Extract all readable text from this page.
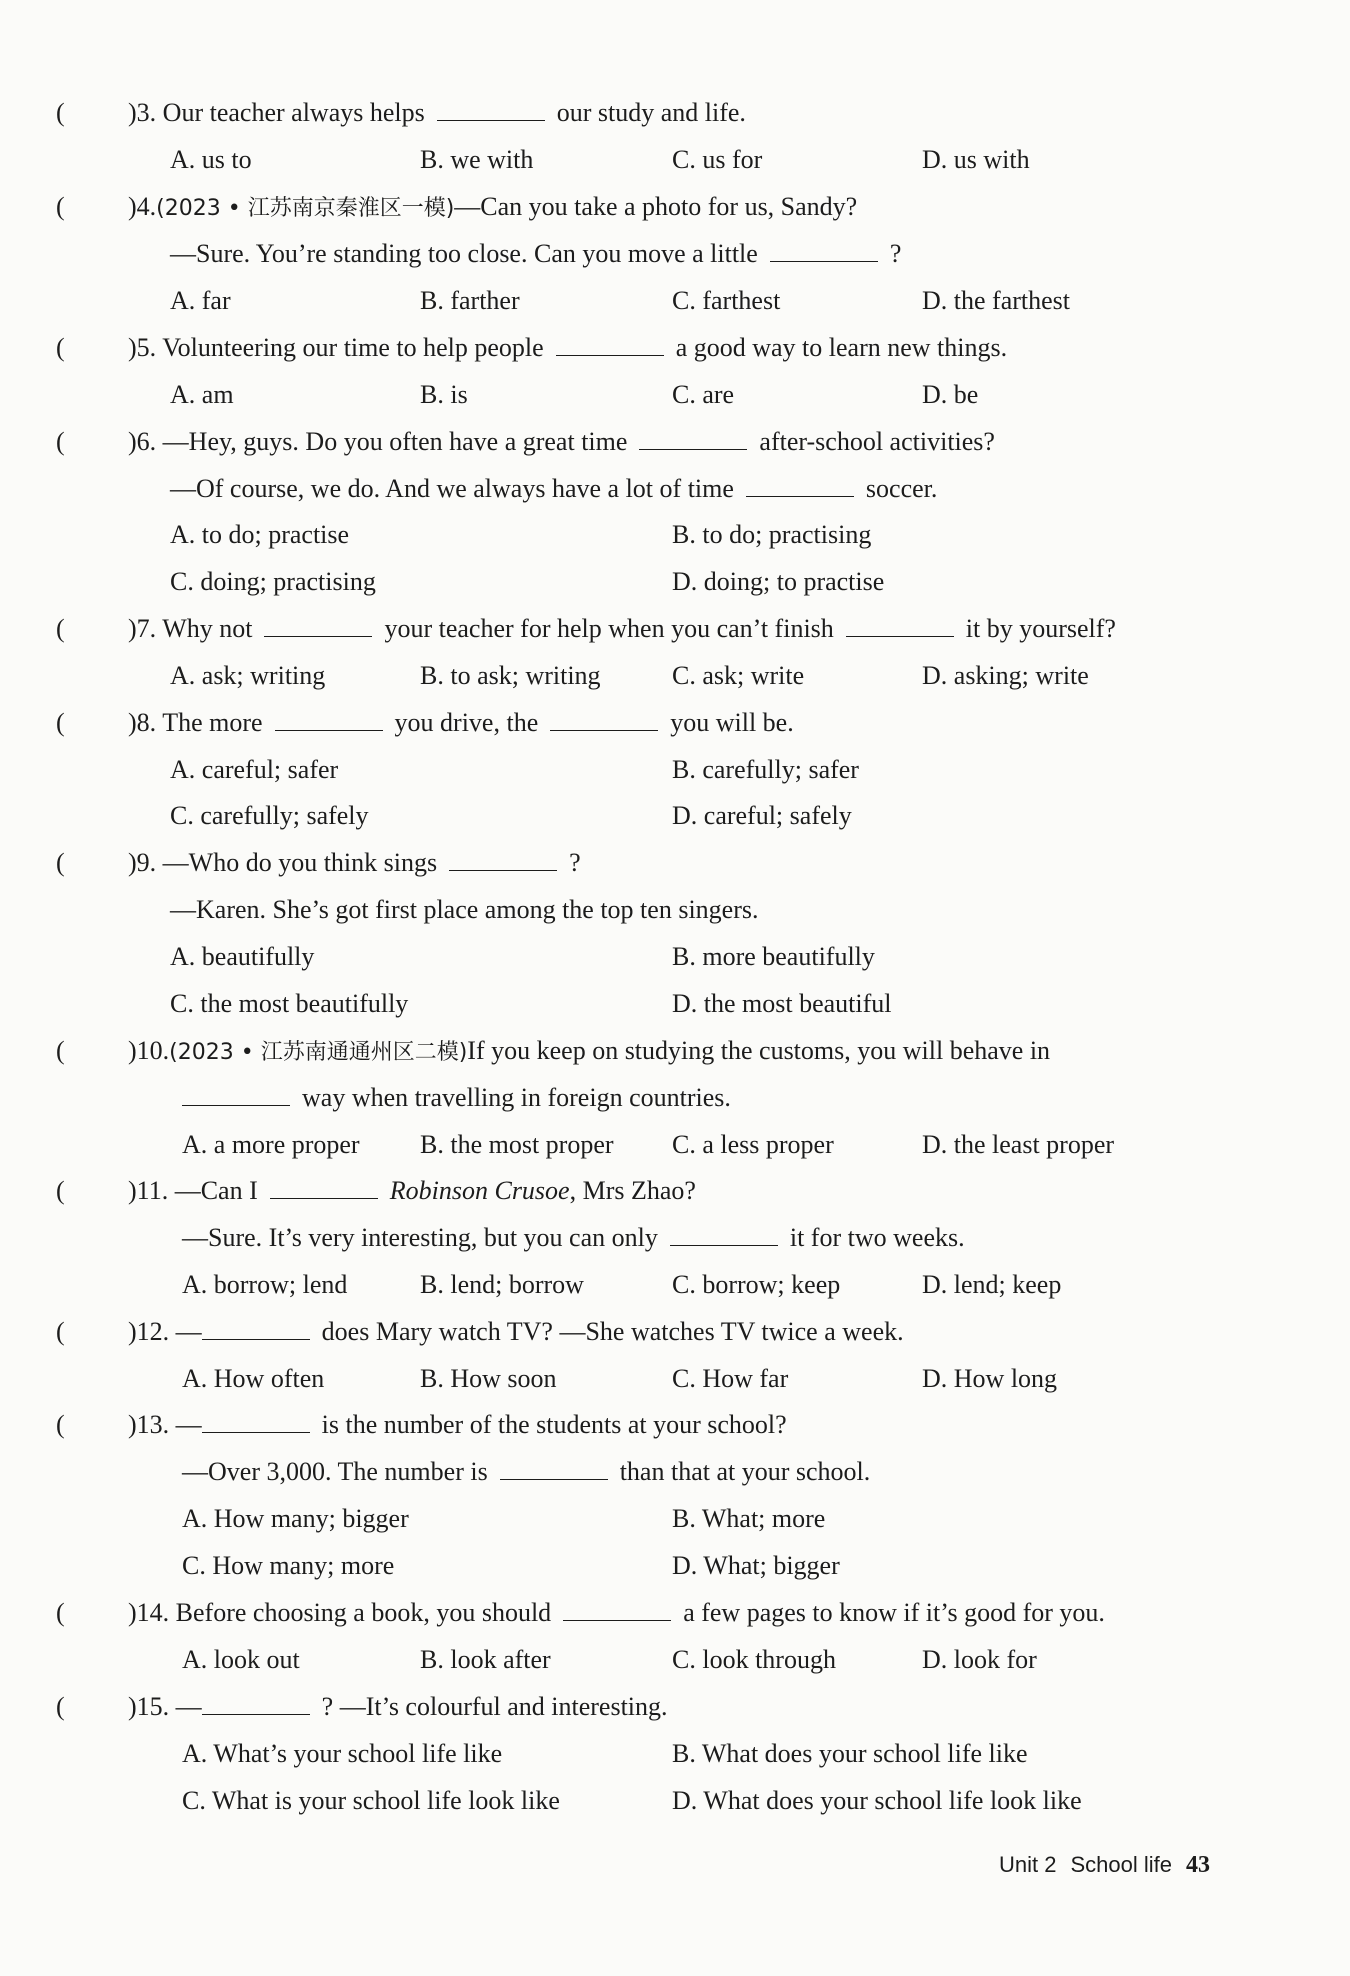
( )3. Our teacher always helps	our study and life.
A. us to	B. we with	C. us for	D. us with
( )4.(2023 • 江苏南京秦淮区一模)—Can you take a photo for us, Sandy?
—Sure. You’re standing too close. Can you move a little	?
A. far	B. farther	C. farthest	D. the farthest
( )5. Volunteering our time to help people	a good way to learn new things.
A. am	B. is	C. are	D. be
( )6. —Hey, guys. Do you often have a great time	after-school activities?
—Of course, we do. And we always have a lot of time	soccer.
A. to do; practise	B. to do; practising
C. doing; practising	D. doing; to practise
( )7. Why not	your teacher for help when you can’t finish	it by yourself?
A. ask; writing	B. to ask; writing	C. ask; write	D. asking; write
( )8. The more	you drive, the	you will be.
A. careful; safer	B. carefully; safer
C. carefully; safely	D. careful; safely
( )9. —Who do you think sings	?
—Karen. She’s got first place among the top ten singers.
A. beautifully	B. more beautifully
C. the most beautifully	D. the most beautiful
( )10.(2023 • 江苏南通通州区二模)If you keep on studying the customs, you will behave in
way when travelling in foreign countries.
A. a more proper B. the most proper C. a less proper	D. the least proper
( )11. —Can I	Robinson Crusoe, Mrs Zhao?
—Sure. It’s very interesting, but you can only	it for two weeks.
A. borrow; lend	B. lend; borrow	C. borrow; keep	D. lend; keep
( )12. —	does Mary watch TV? —She watches TV twice a week.
A. How often	B. How soon	C. How far	D. How long
( )13. —	is the number of the students at your school?
—Over 3,000. The number is	than that at your school.
A. How many; bigger	B. What; more
C. How many; more	D. What; bigger
( )14. Before choosing a book, you should	a few pages to know if it’s good for you.
A. look out	B. look after	C. look through	D. look for
( )15. —	? —It’s colourful and interesting.
A. What’s your school life like	B. What does your school life like
C. What is your school life look like	D. What does your school life look like
Unit 2 School life 43
